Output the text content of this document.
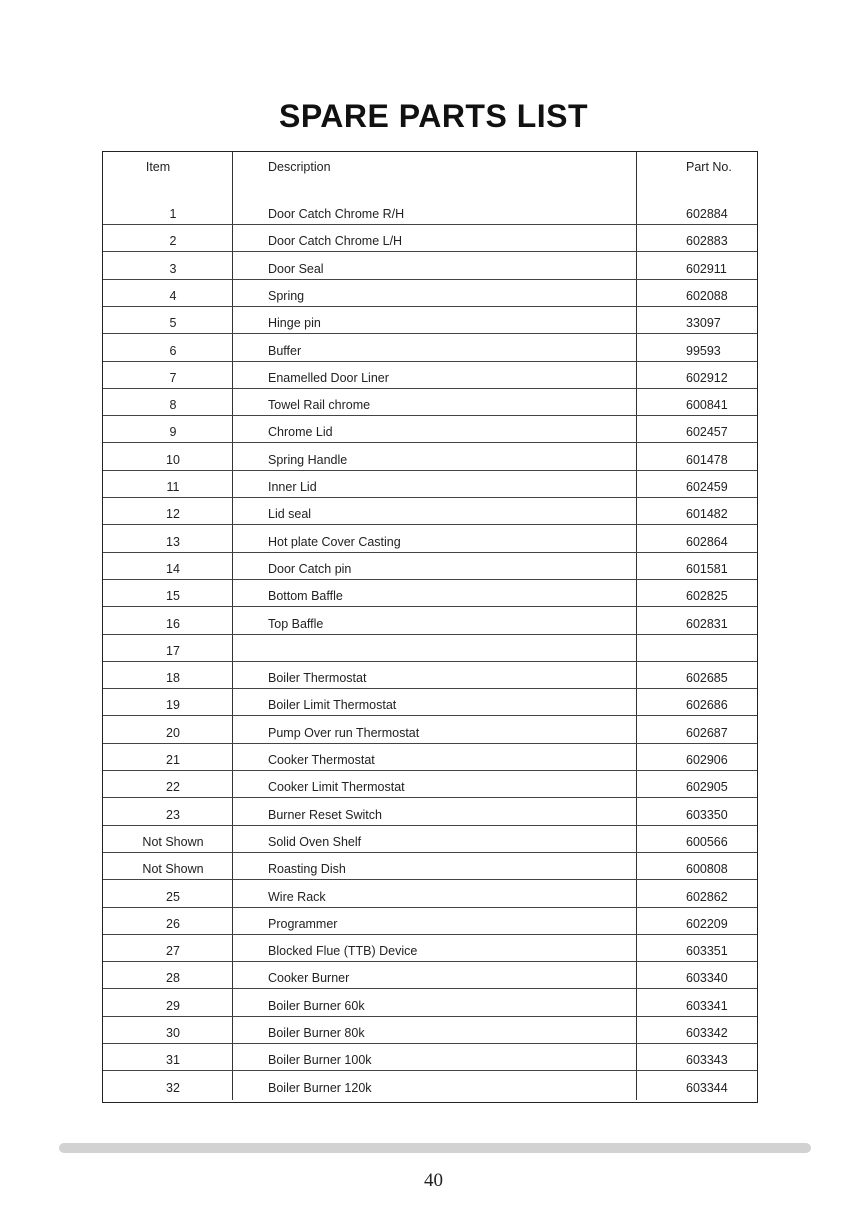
SPARE PARTS LIST
Item	Description	Part No.
1	Door Catch Chrome R/H	602884
2	Door Catch Chrome L/H	602883
3	Door Seal	602911
4	Spring	602088
5	Hinge pin	33097
6	Buffer	99593
7	Enamelled Door Liner	602912
8	Towel Rail chrome	600841
9	Chrome Lid	602457
10	Spring Handle	601478
11	Inner Lid	602459
12	Lid seal	601482
13	Hot plate Cover Casting	602864
14	Door Catch pin	601581
15	Bottom Baffle	602825
16	Top Baffle	602831
17
18	Boiler Thermostat	602685
19	Boiler Limit Thermostat	602686
20	Pump Over run Thermostat	602687
21	Cooker Thermostat	602906
22	Cooker Limit Thermostat	602905
23	Burner Reset Switch	603350
Not Shown	Solid Oven Shelf	600566
Not Shown	Roasting Dish	600808
25	Wire Rack	602862
26	Programmer	602209
27	Blocked Flue (TTB) Device	603351
28	Cooker Burner	603340
29	Boiler Burner 60k	603341
30	Boiler Burner 80k	603342
31	Boiler Burner 100k	603343
32	Boiler Burner 120k	603344
40
